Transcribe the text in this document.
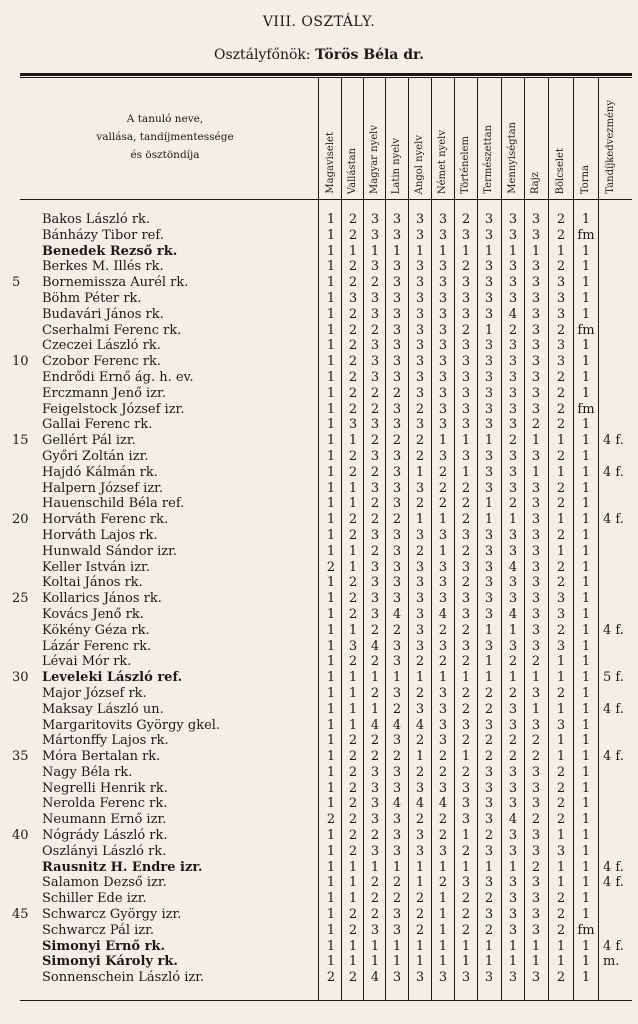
VIII. OSZTÁLY.
Osztályfőnök: Törös Béla dr.
A tanuló neve,
vallása, tandíjmentessége
és ösztöndíja	Magaviselet Vallástan Magyar nyelv Latin nyelv Angol nyelv Német nyelv Történelem Természettan Mennyiségtan Rajz Bölcselet Torna Tandíjkedvezmény
Bakos László rk.	1	2	3	3	3	3	2	3	3	3	2	1
Bánházy Tibor ref.	1	2	3	3	3	3	3	3	3	3	2 fm
Benedek Rezső rk.	1	1	1	1	1	1	1	1	1	1	1	1
Berkes M. Illés rk.	1	2	3	3	3	3	2	3	3	3	2	1
5	Bornemissza Aurél rk.	1	2	2	3	3	3	3	3	3	3	3	1
Böhm Péter rk.	1	3	3	3	3	3	3	3	3	3	3	1
Budavári János rk.	1	2	3	3	3	3	3	3	4	3	3	1
Cserhalmi Ferenc rk.	1	2	2	3	3	3	2	1	2	3	2 fm
Czeczei László rk.	1	2	3	3	3	3	3	3	3	3	3	1
10	Czobor Ferenc rk.	1	2	3	3	3	3	3	3	3	3	3	1
Endrődi Ernő ág. h. ev.	1	2	3	3	3	3	3	3	3	3	2	1
Erczmann Jenő izr.	1	2	2	2	3	3	3	3	3	3	2	1
Feigelstock József izr.	1	2	2	3	2	3	3	3	3	3	2 fm
Gallai Ferenc rk.	1	3	3	3	3	3	3	3	3	2	2	1
15	Gellért Pál izr.	1	1	2	2	2	1	1	1	2	1	1	1 4 f.
Győri Zoltán izr.	1	2	3	3	2	3	3	3	3	3	2	1
Hajdó Kálmán rk.	1	2	2	3	1	2	1	3	3	1	1	1 4 f.
Halpern József izr.	1	1	3	3	3	2	2	3	3	3	2	1
Hauenschild Béla ref.	1	1	2	3	2	2	2	1	2	3	2	1
20	Horváth Ferenc rk.	1	2	2	2	1	1	2	1	1	3	1	1 4 f.
Horváth Lajos rk.	1	2	3	3	3	3	3	3	3	3	2	1
Hunwald Sándor izr.	1	1	2	3	2	1	2	3	3	3	1	1
Keller István izr.	2	1	3	3	3	3	3	3	4	3	2	1
Koltai János rk.	1	2	3	3	3	3	2	3	3	3	2	1
25	Kollarics János rk.	1	2	3	3	3	3	3	3	3	3	3	1
Kovács Jenő rk.	1	2	3	4	3	4	3	3	4	3	3	1
Kökény Géza rk.	1	1	2	2	3	2	2	1	1	3	2	1 4 f.
Lázár Ferenc rk.	1	3	4	3	3	3	3	3	3	3	3	1
Lévai Mór rk.	1	2	2	3	2	2	2	1	2	2	1	1
30	Leveleki László ref.	1	1	1	1	1	1	1	1	1	1	1	1 5 f.
Major József rk.	1	1	2	3	2	3	2	2	2	3	2	1
Maksay László un.	1	1	1	2	3	3	2	2	3	1	1	1 4 f.
Margaritovits György gkel.	1	1	4	4	4	3	3	3	3	3	3	1
Mártonffy Lajos rk.	1	2	2	3	2	3	2	2	2	2	1	1
35	Móra Bertalan rk.	1	2	2	2	1	2	1	2	2	2	1	1 4 f.
Nagy Béla rk.	1	2	3	3	2	2	2	3	3	3	2	1
Negrelli Henrik rk.	1	2	3	3	3	3	3	3	3	3	2	1
Nerolda Ferenc rk.	1	2	3	4	4	4	3	3	3	3	2	1
Neumann Ernő izr.	2	2	3	3	2	2	3	3	4	2	2	1
40	Nógrády László rk.	1	2	2	3	3	2	1	2	3	3	1	1
Oszlányi László rk.	1	2	3	3	3	3	2	3	3	3	3	1
Rausnitz H. Endre izr.	1	1	1	1	1	1	1	1	1	2	1	1 4 f.
Salamon Dezső izr.	1	1	2	2	1	2	3	3	3	3	1	1 4 f.
Schiller Ede izr.	1	1	2	2	2	1	2	2	3	3	2	1
45	Schwarcz György izr.	1	2	2	3	2	1	2	3	3	3	2	1
Schwarcz Pál izr.	1	2	3	3	2	1	2	2	3	3	2 fm
Simonyi Ernő rk.	1	1	1	1	1	1	1	1	1	1	1	1 4 f.
Simonyi Károly rk.	1	1	1	1	1	1	1	1	1	1	1	1 m.
Sonnenschein László izr.	2	2	4	3	3	3	3	3	3	3	2	1
